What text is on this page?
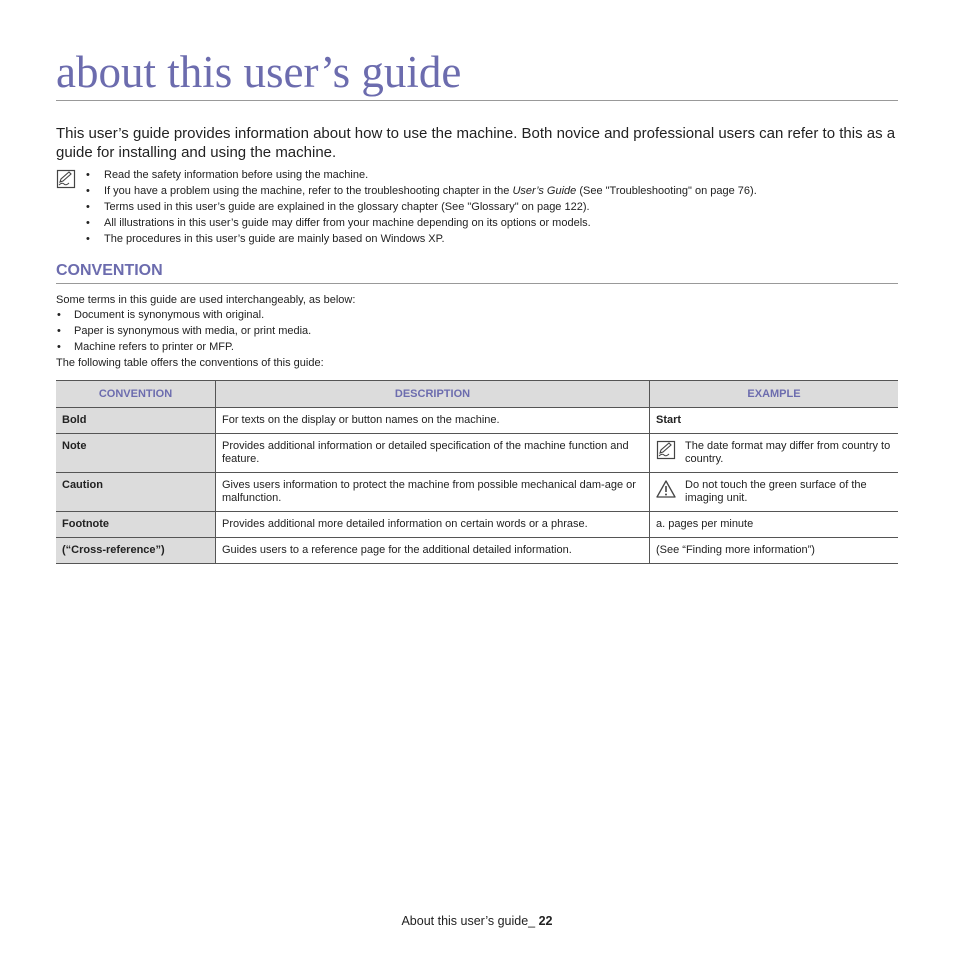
about this user’s guide

This user’s guide provides information about how to use the machine. Both novice and professional users can refer to this as a guide for installing and using the machine.

• Read the safety information before using the machine.
• If you have a problem using the machine, refer to the troubleshooting chapter in the User’s Guide (See "Troubleshooting" on page 76).
• Terms used in this user’s guide are explained in the glossary chapter (See "Glossary" on page 122).
• All illustrations in this user’s guide may differ from your machine depending on its options or models.
• The procedures in this user’s guide are mainly based on Windows XP.
CONVENTION

Some terms in this guide are used interchangeably, as below:

• Document is synonymous with original.
• Paper is synonymous with media, or print media.
• Machine refers to printer or MFP.

The following table offers the conventions of this guide:

CONVENTION	DESCRIPTION	EXAMPLE
Bold	For texts on the display or button names on the machine.	Start
Note	Provides additional information or detailed specification of the machine function and feature.	The date format may differ from country to country.

Caution	Gives users information to protect the machine from possible mechanical dam-age or malfunction.	Do not touch the green surface of the imaging unit.

Footnote	Provides additional more detailed information on certain words or a phrase.	a. pages per minute
(“Cross-reference”)	Guides users to a reference page for the additional detailed information.	(See “Finding more information”)
About this user’s guide_ 22
